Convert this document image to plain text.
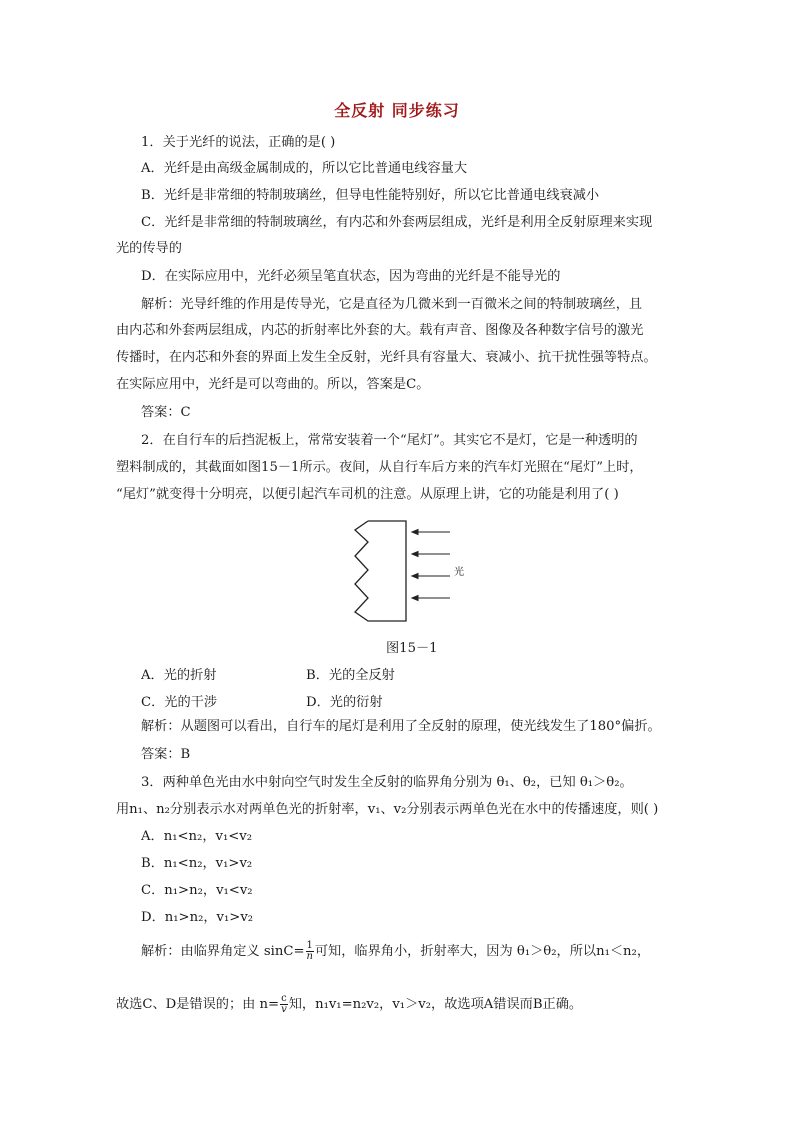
全反射 同步练习
1．关于光纤的说法，正确的是( )
A．光纤是由高级金属制成的，所以它比普通电线容量大
B．光纤是非常细的特制玻璃丝，但导电性能特别好，所以它比普通电线衰减小
C．光纤是非常细的特制玻璃丝，有内芯和外套两层组成，光纤是利用全反射原理来实现
光的传导的
D．在实际应用中，光纤必须呈笔直状态，因为弯曲的光纤是不能导光的
解析：光导纤维的作用是传导光，它是直径为几微米到一百微米之间的特制玻璃丝，且
由内芯和外套两层组成，内芯的折射率比外套的大。载有声音、图像及各种数字信号的激光
传播时，在内芯和外套的界面上发生全反射，光纤具有容量大、衰减小、抗干扰性强等特点。
在实际应用中，光纤是可以弯曲的。所以，答案是C。
答案：C
2．在自行车的后挡泥板上，常常安装着一个“尾灯”。其实它不是灯，它是一种透明的
塑料制成的，其截面如图15－1所示。夜间，从自行车后方来的汽车灯光照在“尾灯”上时，
“尾灯”就变得十分明亮，以便引起汽车司机的注意。从原理上讲，它的功能是利用了( )
光
图15－1
A．光的折射	B．光的全反射
C．光的干涉	D．光的衍射
解析：从题图可以看出，自行车的尾灯是利用了全反射的原理，使光线发生了180°偏折。
答案：B
3．两种单色光由水中射向空气时发生全反射的临界角分别为 θ₁、θ₂，已知 θ₁＞θ₂。
用n₁、n₂分别表示水对两单色光的折射率，v₁、v₂分别表示两单色光在水中的传播速度，则( )
A．n₁<n₂，v₁<v₂
B．n₁<n₂，v₁>v₂
C．n₁>n₂，v₁<v₂
D．n₁>n₂，v₁>v₂
解析：由临界角定义 $\sin C= \frac{1}{n}$ 可知，临界角小，折射率大，因为 θ₁＞θ₂，所以n₁＜n₂，
故选C、D是错误的；由 $n= \frac{c}{v}$ 知，n₁v₁=n₂v₂，v₁＞v₂，故选项A错误而B正确。
